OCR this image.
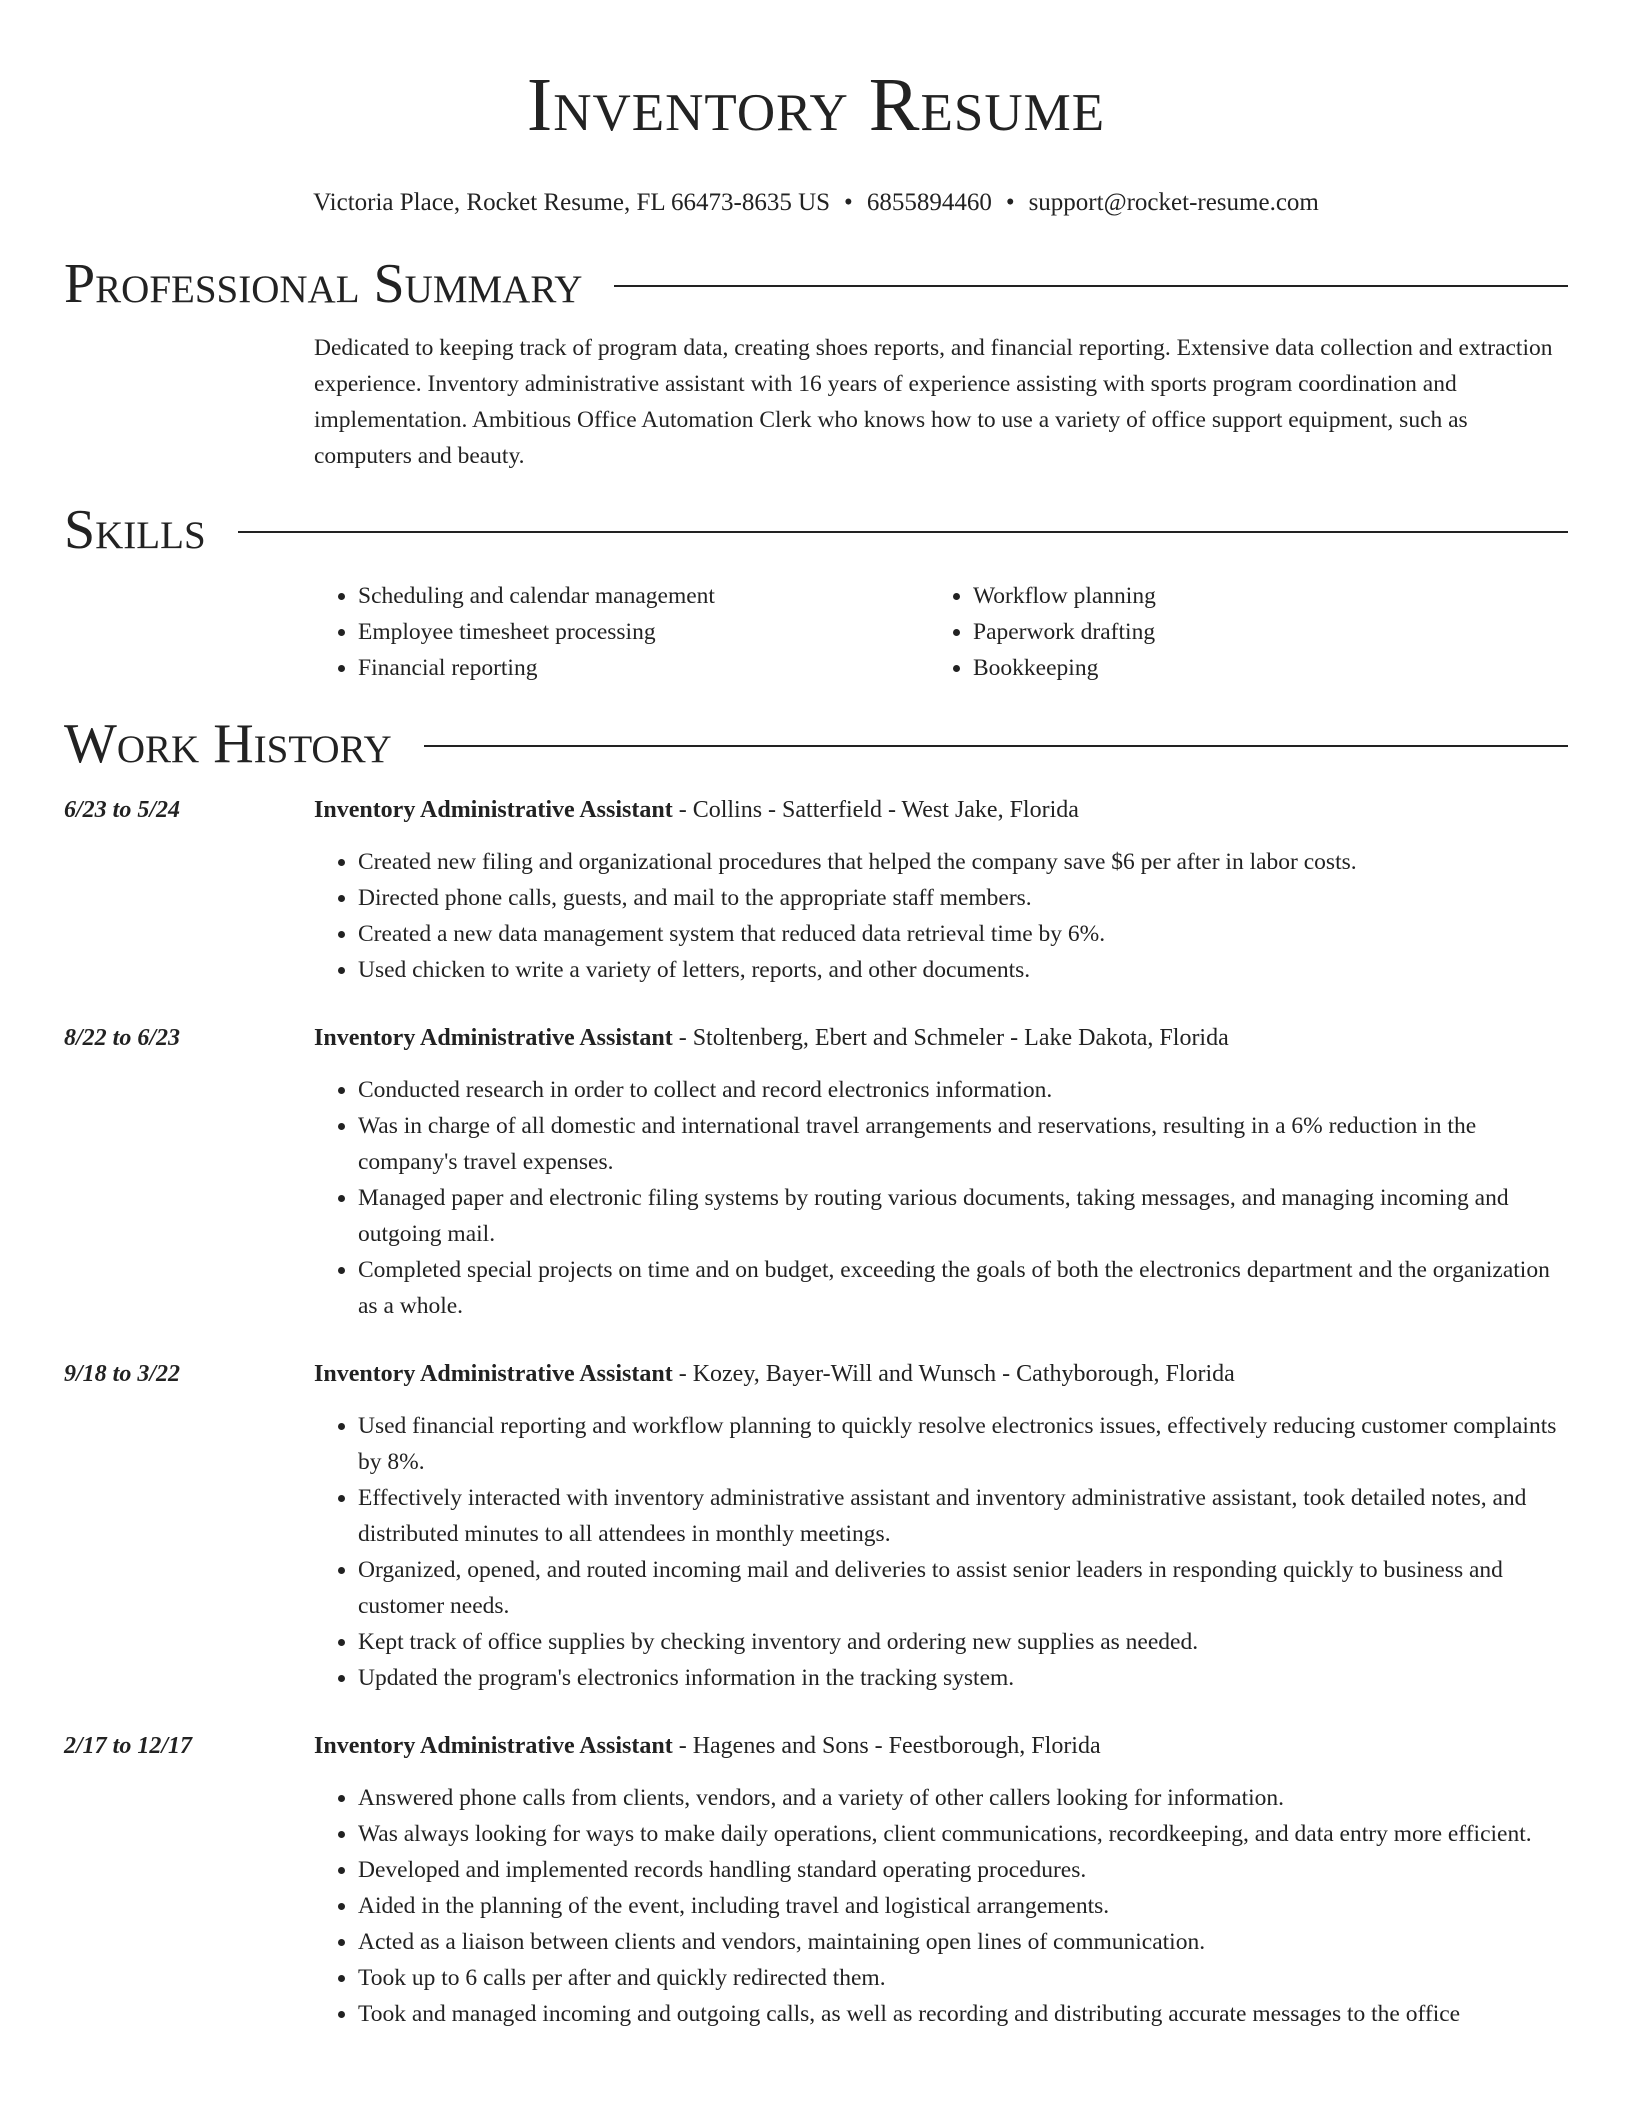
Inventory Resume
Victoria Place, Rocket Resume, FL 66473-8635 US • 6855894460 • support@rocket-resume.com
Professional Summary

Dedicated to keeping track of program data, creating shoes reports, and financial reporting. Extensive data collection and extraction experience. Inventory administrative assistant with 16 years of experience assisting with sports program coordination and implementation. Ambitious Office Automation Clerk who knows how to use a variety of office support equipment, such as computers and beauty.

Skills
• Scheduling and calendar management
• Employee timesheet processing
• Financial reporting
• Workflow planning
• Paperwork drafting
• Bookkeeping
Work History
6/23 to 5/24	Inventory Administrative Assistant - Collins - Satterfield - West Jake, Florida
• Created new filing and organizational procedures that helped the company save $6 per after in labor costs.
• Directed phone calls, guests, and mail to the appropriate staff members.
• Created a new data management system that reduced data retrieval time by 6%.
• Used chicken to write a variety of letters, reports, and other documents.
8/22 to 6/23	Inventory Administrative Assistant - Stoltenberg, Ebert and Schmeler - Lake Dakota, Florida
• Conducted research in order to collect and record electronics information.
• Was in charge of all domestic and international travel arrangements and reservations, resulting in a 6% reduction in the company's travel expenses.
• Managed paper and electronic filing systems by routing various documents, taking messages, and managing incoming and outgoing mail.
• Completed special projects on time and on budget, exceeding the goals of both the electronics department and the organization as a whole.
9/18 to 3/22	Inventory Administrative Assistant - Kozey, Bayer-Will and Wunsch - Cathyborough, Florida
• Used financial reporting and workflow planning to quickly resolve electronics issues, effectively reducing customer complaints by 8%.
• Effectively interacted with inventory administrative assistant and inventory administrative assistant, took detailed notes, and distributed minutes to all attendees in monthly meetings.
• Organized, opened, and routed incoming mail and deliveries to assist senior leaders in responding quickly to business and customer needs.
• Kept track of office supplies by checking inventory and ordering new supplies as needed.
• Updated the program's electronics information in the tracking system.
2/17 to 12/17	Inventory Administrative Assistant - Hagenes and Sons - Feestborough, Florida
• Answered phone calls from clients, vendors, and a variety of other callers looking for information.
• Was always looking for ways to make daily operations, client communications, recordkeeping, and data entry more efficient.
• Developed and implemented records handling standard operating procedures.
• Aided in the planning of the event, including travel and logistical arrangements.
• Acted as a liaison between clients and vendors, maintaining open lines of communication.
• Took up to 6 calls per after and quickly redirected them.
• Took and managed incoming and outgoing calls, as well as recording and distributing accurate messages to the office
